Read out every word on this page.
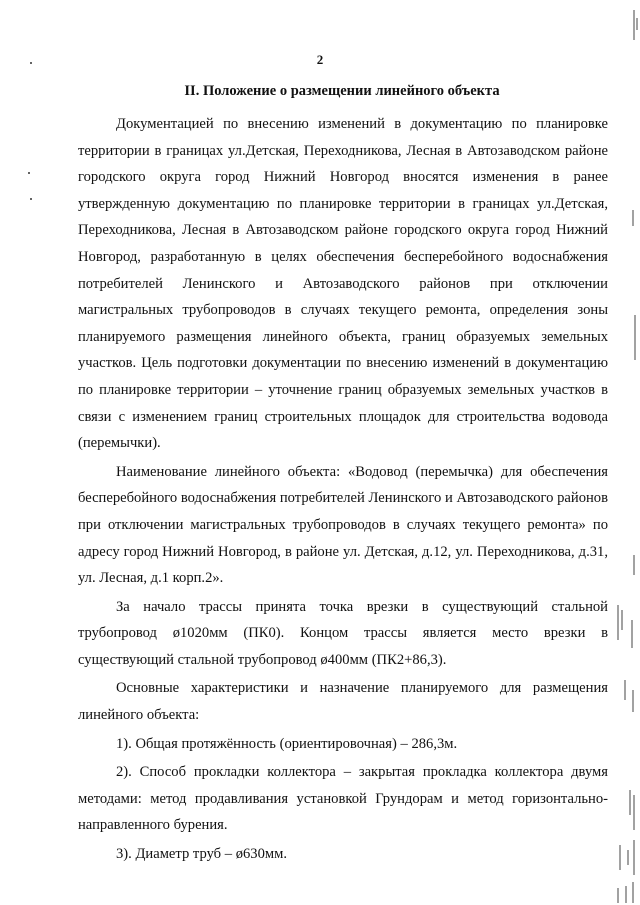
2
II. Положение о размещении линейного объекта

Документацией по внесению изменений в документацию по планировке территории в границах ул.Детская, Переходникова, Лесная в Автозаводском районе городского округа город Нижний Новгород вносятся изменения в ранее утвержденную документацию по планировке территории в границах ул.Детская, Переходникова, Лесная в Автозаводском районе городского округа город Нижний Новгород, разработанную в целях обеспечения бесперебойного водоснабжения потребителей Ленинского и Автозаводского районов при отключении магистральных трубопроводов в случаях текущего ремонта, определения зоны планируемого размещения линейного объекта, границ образуемых земельных участков. Цель подготовки документации по внесению изменений в документацию по планировке территории – уточнение границ образуемых земельных участков в связи с изменением границ строительных площадок для строительства водовода (перемычки).

Наименование линейного объекта: «Водовод (перемычка) для обеспечения бесперебойного водоснабжения потребителей Ленинского и Автозаводского районов при отключении магистральных трубопроводов в случаях текущего ремонта» по адресу город Нижний Новгород, в районе ул. Детская, д.12, ул. Переходникова, д.31, ул. Лесная, д.1 корп.2».

За начало трассы принята точка врезки в существующий стальной трубопровод ø1020мм (ПК0). Концом трассы является место врезки в существующий стальной трубопровод ø400мм (ПК2+86,3).

Основные характеристики и назначение планируемого для размещения линейного объекта:

1). Общая протяжённость (ориентировочная) – 286,3м.

2). Способ прокладки коллектора – закрытая прокладка коллектора двумя методами: метод продавливания установкой Грундорам и метод горизонтально-направленного бурения.

3). Диаметр труб – ø630мм.
